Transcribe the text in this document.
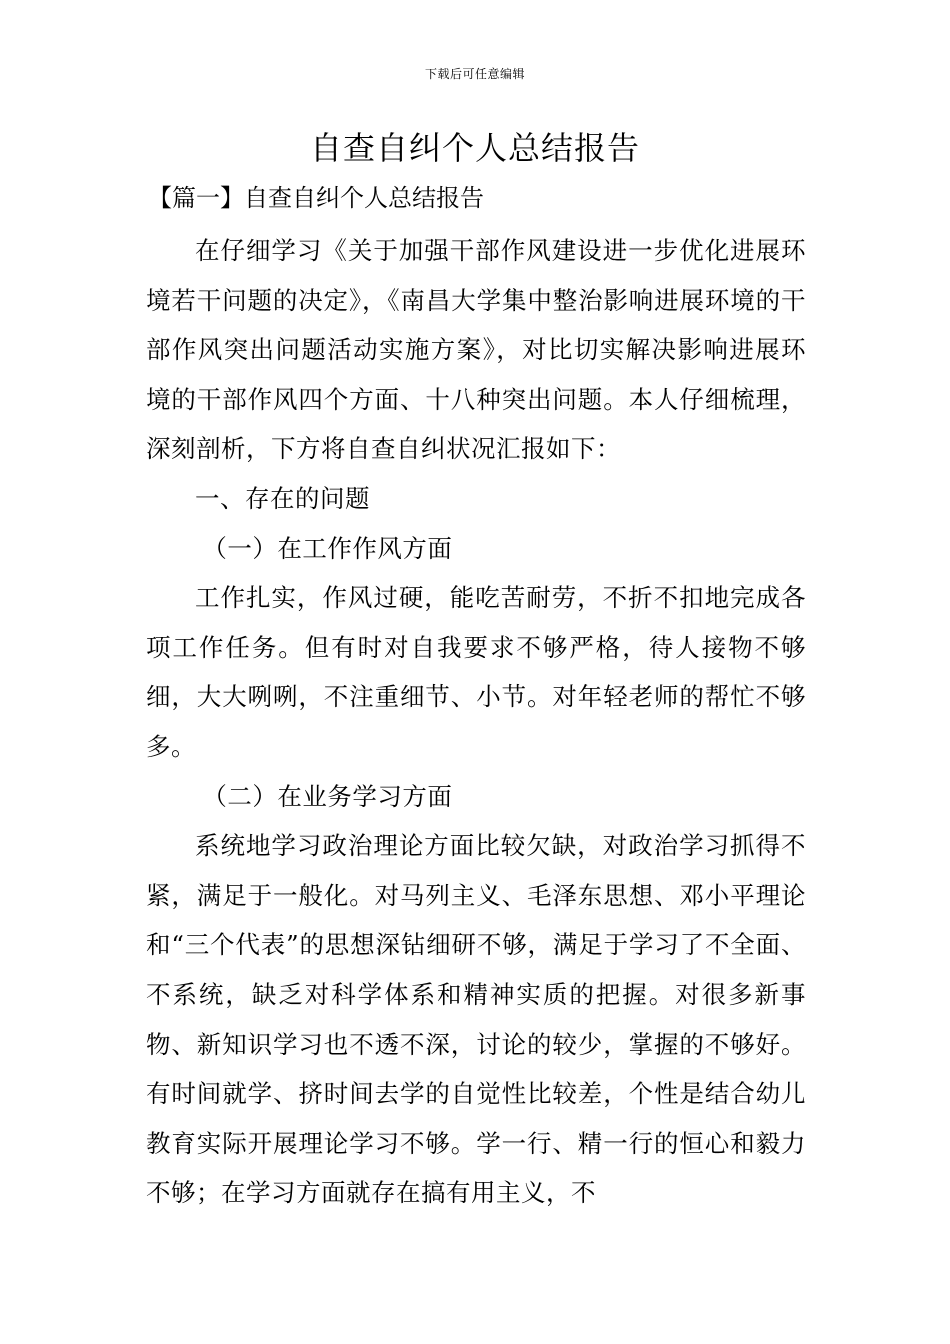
下载后可任意编辑
自查自纠个人总结报告
【篇一】自查自纠个人总结报告

在仔细学习《关于加强干部作风建设进一步优化进展环境若干问题的决定》，《南昌大学集中整治影响进展环境的干部作风突出问题活动实施方案》，对比切实解决影响进展环境的干部作风四个方面、十八种突出问题。本人仔细梳理，深刻剖析，下方将自查自纠状况汇报如下：

一、存在的问题

（一）在工作作风方面

工作扎实，作风过硬，能吃苦耐劳，不折不扣地完成各项工作任务。但有时对自我要求不够严格，待人接物不够细，大大咧咧，不注重细节、小节。对年轻老师的帮忙不够多。

（二）在业务学习方面

系统地学习政治理论方面比较欠缺，对政治学习抓得不紧，满足于一般化。对马列主义、毛泽东思想、邓小平理论和“三个代表”的思想深钻细研不够，满足于学习了不全面、不系统，缺乏对科学体系和精神实质的把握。对很多新事物、新知识学习也不透不深，讨论的较少，掌握的不够好。有时间就学、挤时间去学的自觉性比较差，个性是结合幼儿教育实际开展理论学习不够。学一行、精一行的恒心和毅力不够；在学习方面就存在搞有用主义，不
